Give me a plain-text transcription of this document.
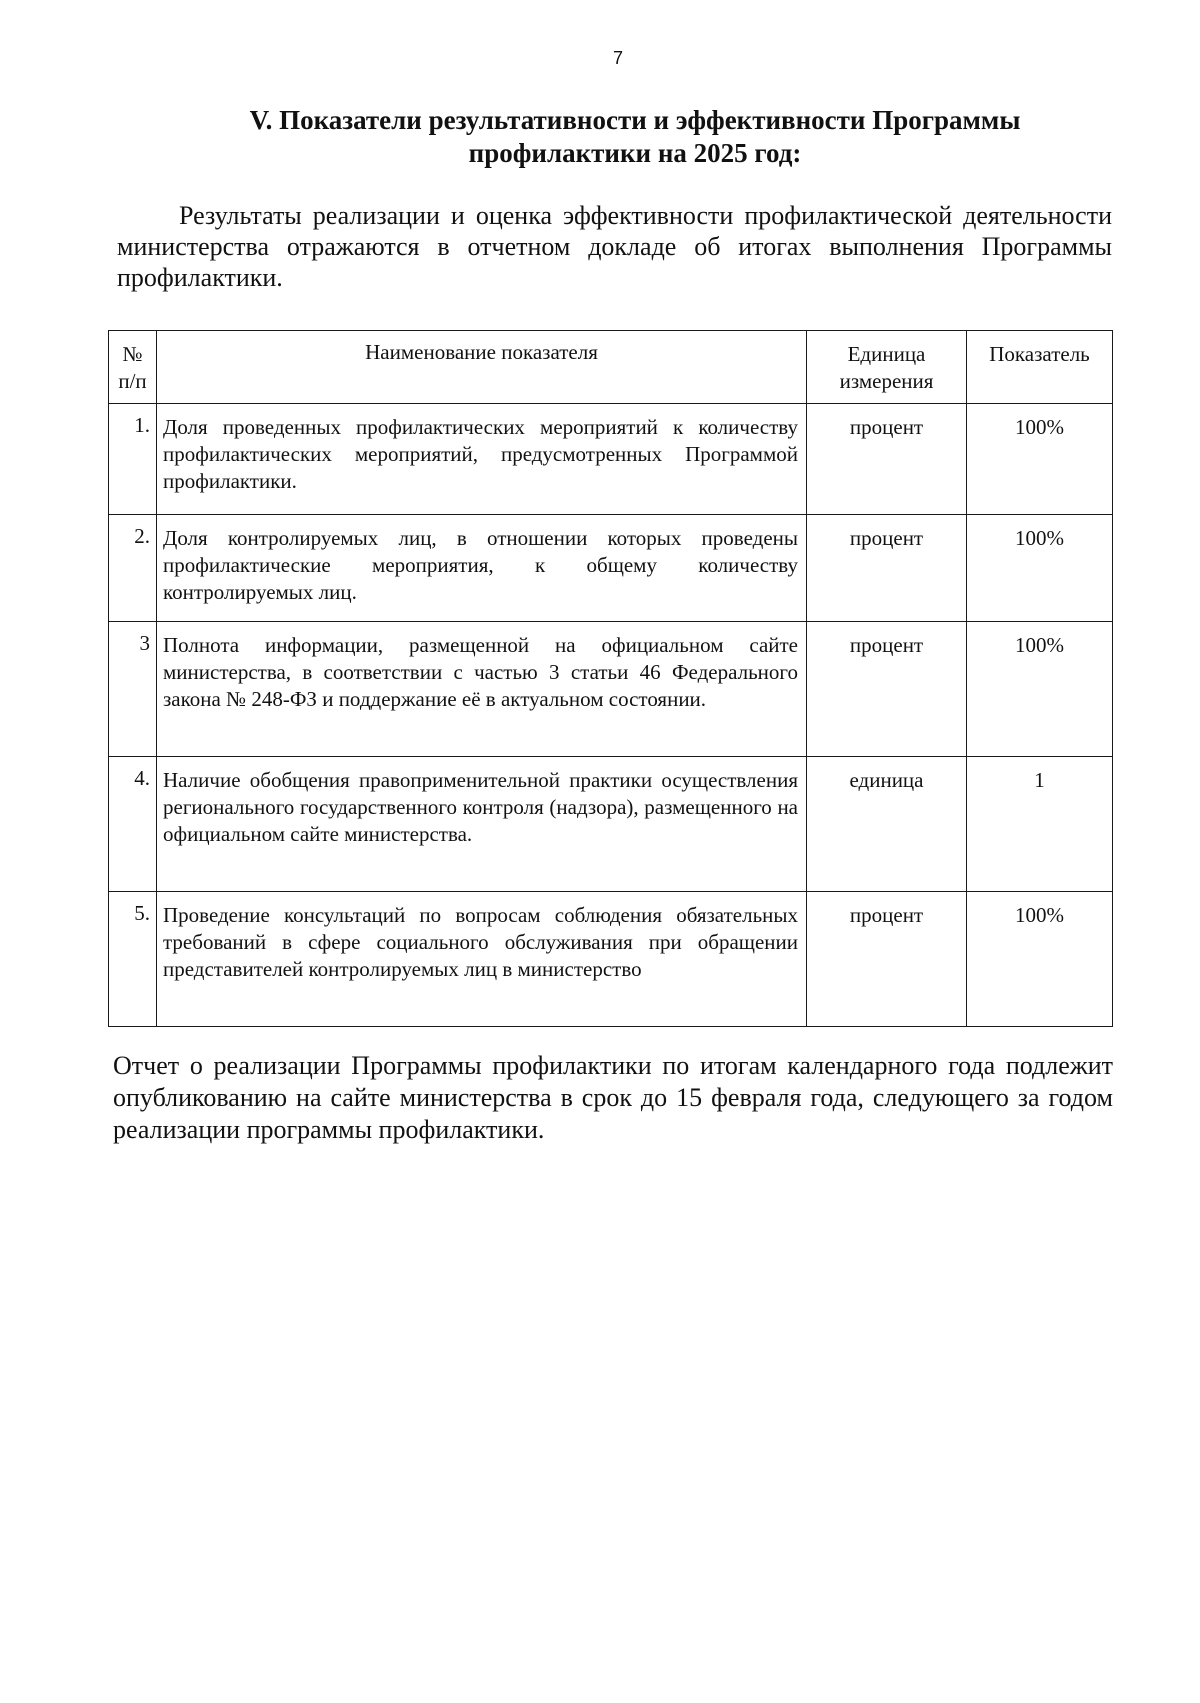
7
V. Показатели результативности и эффективности Программы профилактики на 2025 год:

Результаты реализации и оценка эффективности профилактической деятельности министерства отражаются в отчетном докладе об итогах выполнения Программы профилактики.

№ п/п	Наименование показателя	Единица измерения	Показатель
1.	Доля проведенных профилактических мероприятий к количеству профилактических мероприятий, предусмотренных Программой профилактики.	процент	100%
2.	Доля контролируемых лиц, в отношении которых проведены профилактические мероприятия, к общему количеству контролируемых лиц.	процент	100%
3	Полнота информации, размещенной на официальном сайте министерства, в соответствии с частью 3 статьи 46 Федерального закона № 248-ФЗ и поддержание её в актуальном состоянии.	процент	100%
4.	Наличие обобщения правоприменительной практики осуществления регионального государственного контроля (надзора), размещенного на официальном сайте министерства.	единица	1
5.	Проведение консультаций по вопросам соблюдения обязательных требований в сфере социального обслуживания при обращении представителей контролируемых лиц в министерство	процент	100%

Отчет о реализации Программы профилактики по итогам календарного года подлежит опубликованию на сайте министерства в срок до 15 февраля года, следующего за годом реализации программы профилактики.
